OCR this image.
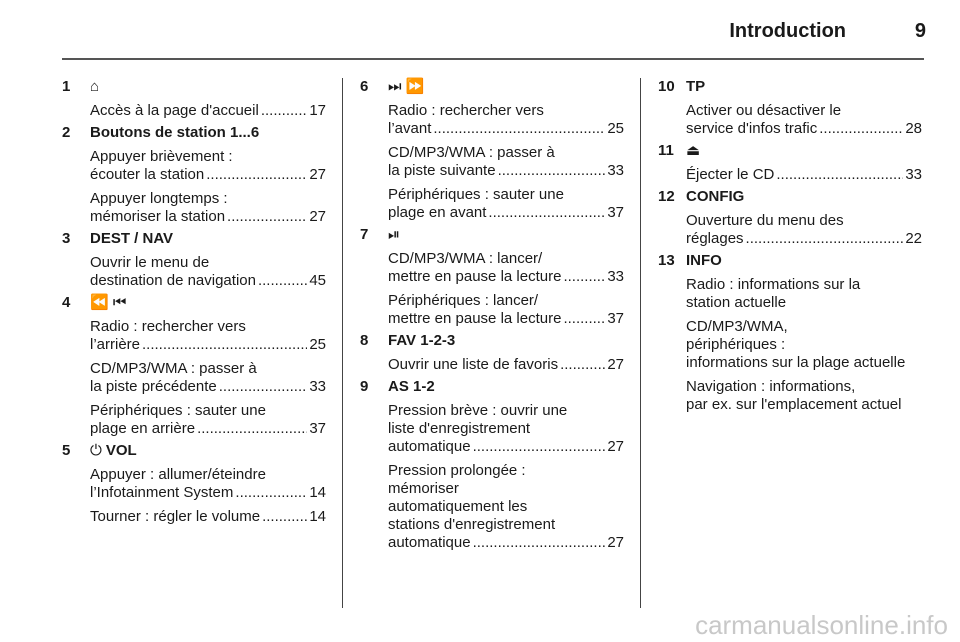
Introduction	9
1	⌂
Accès à la page d'accueil .....	17
2	Boutons de station 1...6
Appuyer brièvement :
écouter la station .....	27
Appuyer longtemps :
mémoriser la station .....	27
3	DEST / NAV
Ouvrir le menu de
destination de navigation .....	45
4	⏪ ⏮
Radio : rechercher vers
l’arrière .....	25
CD/MP3/WMA : passer à
la piste précédente .....	33
Périphériques : sauter une
plage en arrière .....	37
5	⏻ VOL
Appuyer : allumer/éteindre
l’Infotainment System .....	14
Tourner : régler le volume .....	14
6	⏭ ⏩
Radio : rechercher vers
l’avant .....	25
CD/MP3/WMA : passer à
la piste suivante .....	33
Périphériques : sauter une
plage en avant .....	37
7	⏯
CD/MP3/WMA : lancer/
mettre en pause la lecture .....	33
Périphériques : lancer/
mettre en pause la lecture .....	37
8	FAV 1-2-3
Ouvrir une liste de favoris .....	27
9	AS 1-2
Pression brève : ouvrir une
liste d'enregistrement
automatique .....	27
Pression prolongée :
mémoriser
automatiquement les
stations d'enregistrement
automatique .....	27
10 TP
Activer ou désactiver le
service d'infos trafic .....	28
11 ⏏
Éjecter le CD .....	33
12 CONFIG
Ouverture du menu des
réglages .....	22
13 INFO
Radio : informations sur la
station actuelle
CD/MP3/WMA,
périphériques :
informations sur la plage actuelle
Navigation : informations,
par ex. sur l'emplacement actuel
carmanualsonline.info
